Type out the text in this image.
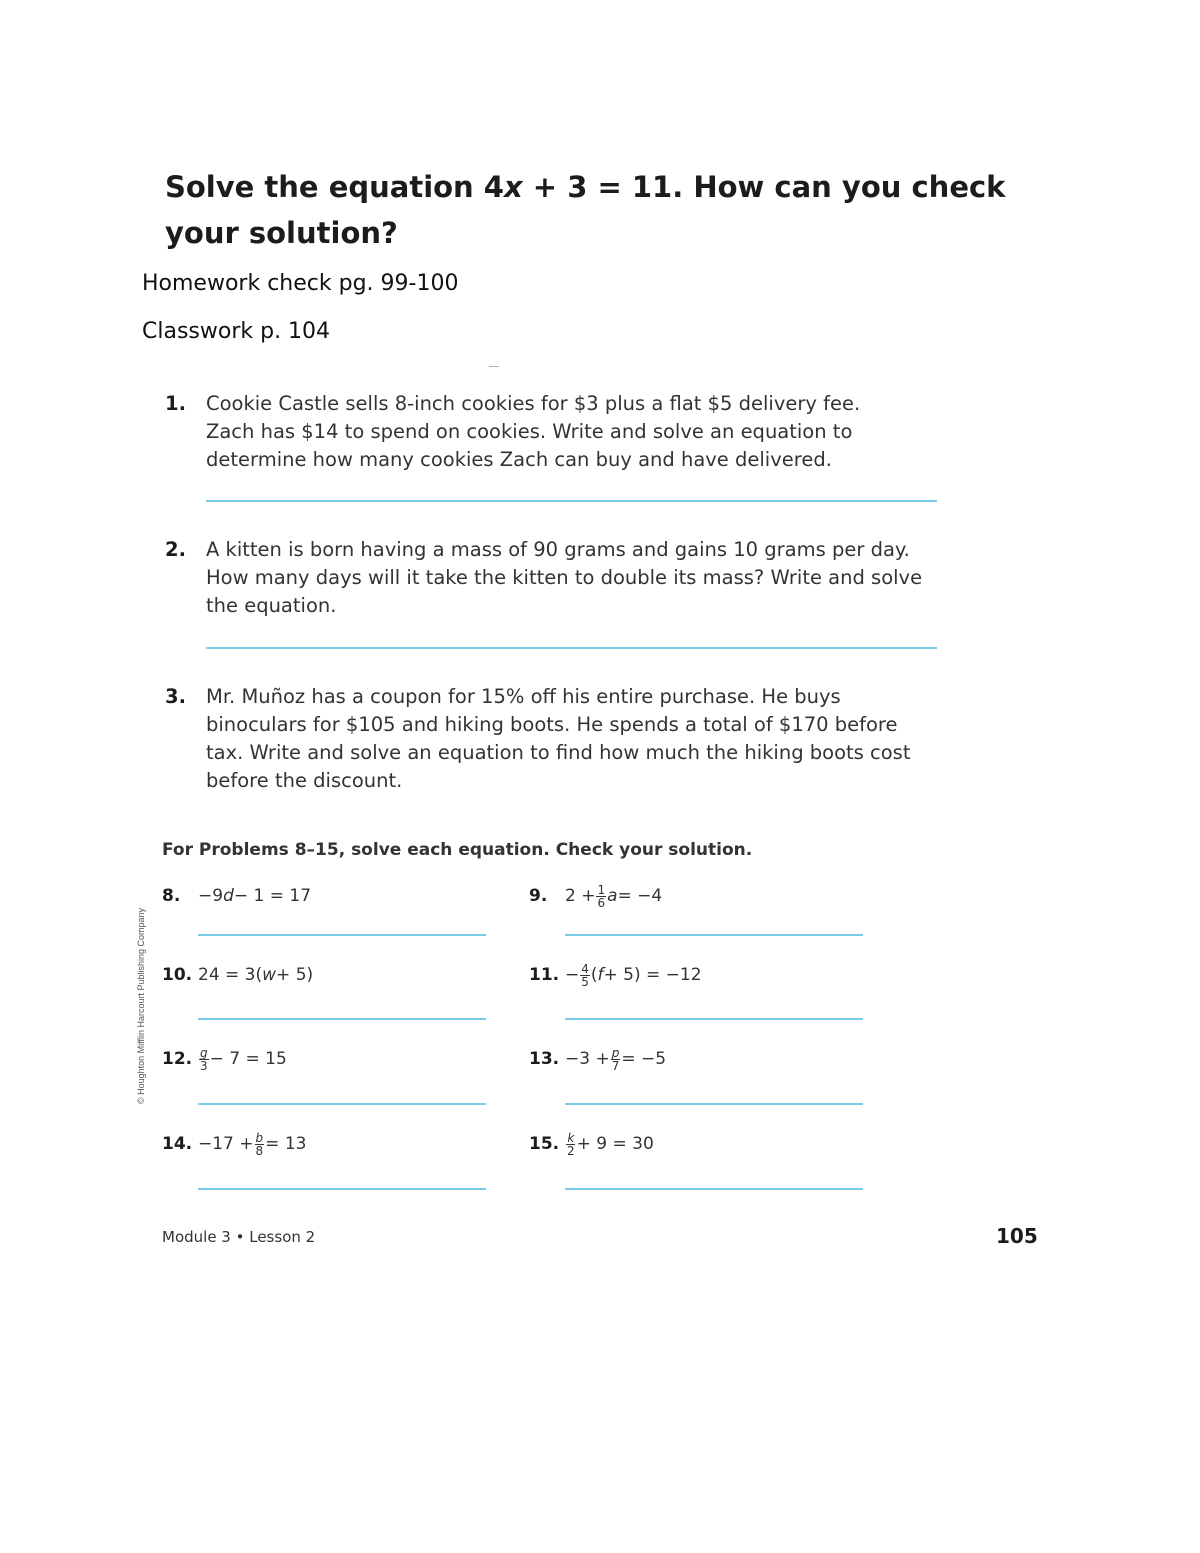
Solve the equation 4x + 3 = 11. How can you check your solution?
Homework check pg. 99-100
Classwork p. 104
1. Cookie Castle sells 8-inch cookies for $3 plus a flat $5 delivery fee. Zach has $14 to spend on cookies. Write and solve an equation to determine how many cookies Zach can buy and have delivered.
2. A kitten is born having a mass of 90 grams and gains 10 grams per day. How many days will it take the kitten to double its mass? Write and solve the equation.
3. Mr. Muñoz has a coupon for 15% off his entire purchase. He buys binoculars for $105 and hiking boots. He spends a total of $170 before tax. Write and solve an equation to find how much the hiking boots cost before the discount.
© Houghton Mifflin Harcourt Publishing Company
For Problems 8–15, solve each equation. Check your solution.
8.	−9 d − 1 = 17
10. 24 = 3( w + 5)
12. $\frac{g}{3} - 7 = 15$
14. $-17 + \frac{b}{8} = 13$
9.	$2 + \frac{1}{6}$ a = −4
11. − $\frac{4}{5}$ ( f + 5) = −12
13. $-3 + \frac{p}{7} = -5$
15. $\frac{k}{2} + 9 = 30$
Module 3 • Lesson 2	105
